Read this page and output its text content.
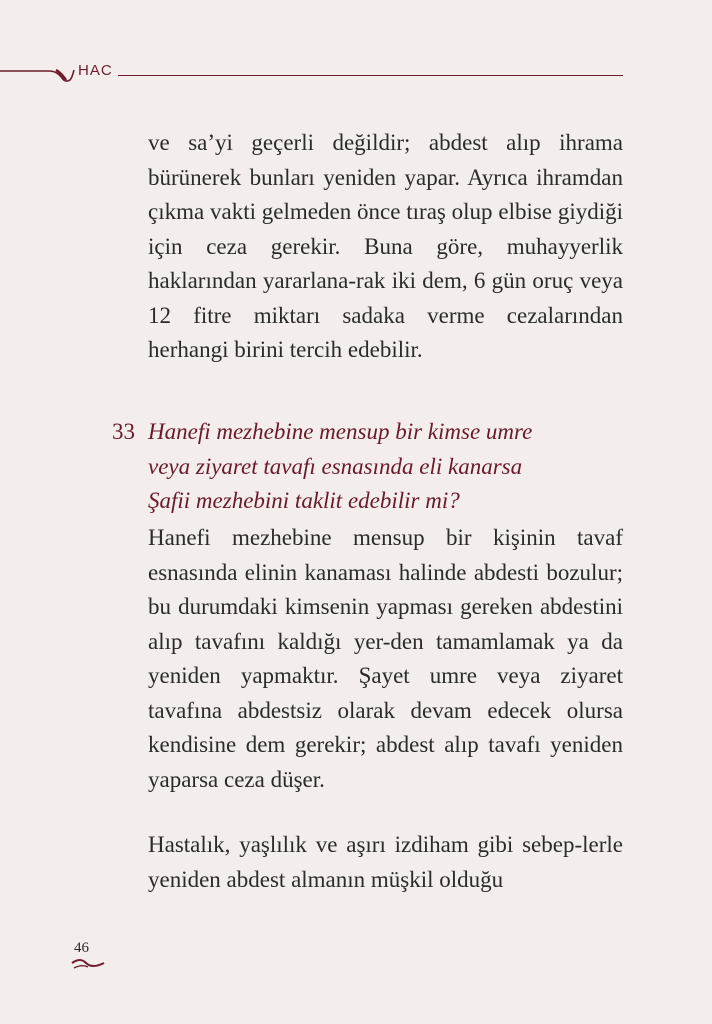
HAC

ve sa’yi geçerli değildir; abdest alıp ihrama bürünerek bunları yeniden yapar. Ayrıca ihramdan çıkma vakti gelmeden önce tıraş olup elbise giydiği için ceza gerekir. Buna göre, muhayyerlik haklarından yararlana-rak iki dem, 6 gün oruç veya 12 fitre miktarı sadaka verme cezalarından herhangi birini tercih edebilir.

33 Hanefi mezhebine mensup bir kimse umre
veya ziyaret tavafı esnasında eli kanarsa
Şafii mezhebini taklit edebilir mi?

Hanefi mezhebine mensup bir kişinin tavaf esnasında elinin kanaması halinde abdesti bozulur; bu durumdaki kimsenin yapması gereken abdestini alıp tavafını kaldığı yer-den tamamlamak ya da yeniden yapmaktır. Şayet umre veya ziyaret tavafına abdestsiz olarak devam edecek olursa kendisine dem gerekir; abdest alıp tavafı yeniden yaparsa ceza düşer.

Hastalık, yaşlılık ve aşırı izdiham gibi sebep-lerle yeniden abdest almanın müşkil olduğu

46
